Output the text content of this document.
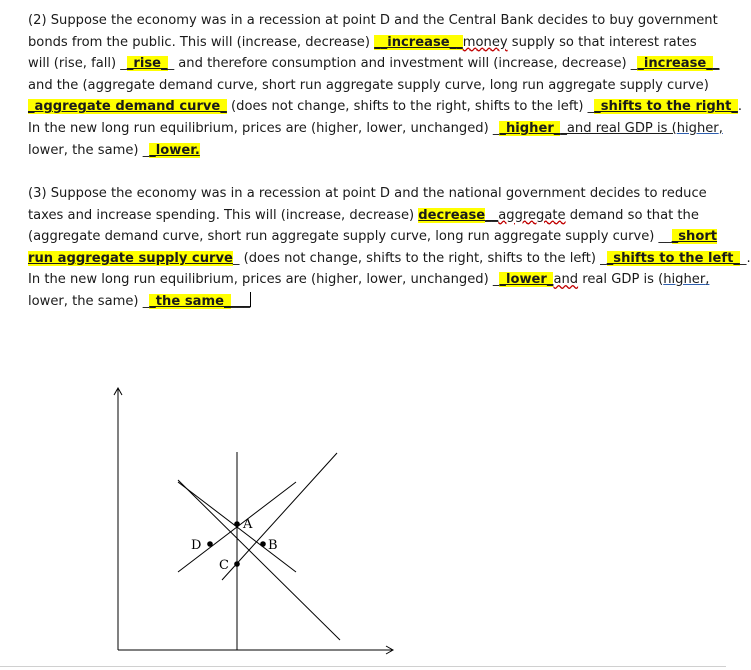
(2) Suppose the economy was in a recession at point D and the Central Bank decides to buy government
bonds from the public. This will (increase, decrease) __increase__money supply so that interest rates
will (rise, fall) __rise__ and therefore consumption and investment will (increase, decrease) __increase__
and the (aggregate demand curve, short run aggregate supply curve, long run aggregate supply curve)
_aggregate demand curve_ (does not change, shifts to the right, shifts to the left) __shifts to the right_.
In the new long run equilibrium, prices are (higher, lower, unchanged) __higher__and real GDP is (higher,
lower, the same) __lower.
(3) Suppose the economy was in a recession at point D and the national government decides to reduce
taxes and increase spending. This will (increase, decrease) decrease__aggregate demand so that the
(aggregate demand curve, short run aggregate supply curve, long run aggregate supply curve) ___short
run aggregate supply curve_ (does not change, shifts to the right, shifts to the left) __shifts to the left__.
In the new long run equilibrium, prices are (higher, lower, unchanged) __lower_and real GDP is (higher,
lower, the same) __the same____
A
B
C
D
